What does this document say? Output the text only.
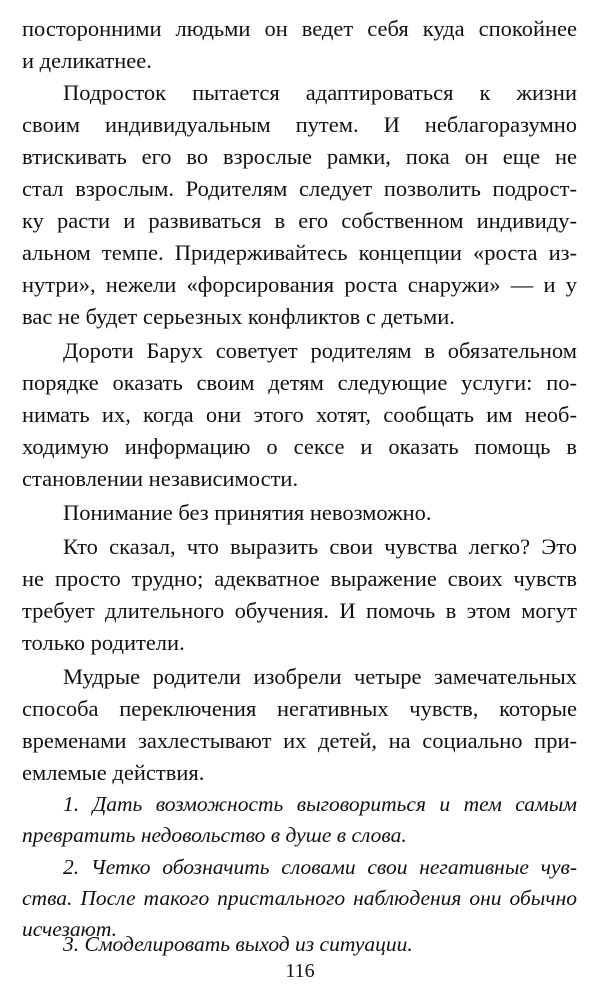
посторонними людьми он ведет себя куда спокойнее
и деликатнее.
Подросток пытается адаптироваться к жизни
своим индивидуальным путем. И неблагоразумно
втискивать его во взрослые рамки, пока он еще не
стал взрослым. Родителям следует позволить подрост-
ку расти и развиваться в его собственном индивиду-
альном темпе. Придерживайтесь концепции «роста из-
нутри», нежели «форсирования роста снаружи» — и у
вас не будет серьезных конфликтов с детьми.
Дороти Барух советует родителям в обязательном
порядке оказать своим детям следующие услуги: по-
нимать их, когда они этого хотят, сообщать им необ-
ходимую информацию о сексе и оказать помощь в
становлении независимости.
Понимание без принятия невозможно.
Кто сказал, что выразить свои чувства легко? Это
не просто трудно; адекватное выражение своих чувств
требует длительного обучения. И помочь в этом могут
только родители.
Мудрые родители изобрели четыре замечательных
способа переключения негативных чувств, которые
временами захлестывают их детей, на социально при-
емлемые действия.
1. Дать возможность выговориться и тем самым
превратить недовольство в душе в слова.
2. Четко обозначить словами свои негативные чув-
ства. После такого пристального наблюдения они обычно
исчезают.
3. Смоделировать выход из ситуации.
116
